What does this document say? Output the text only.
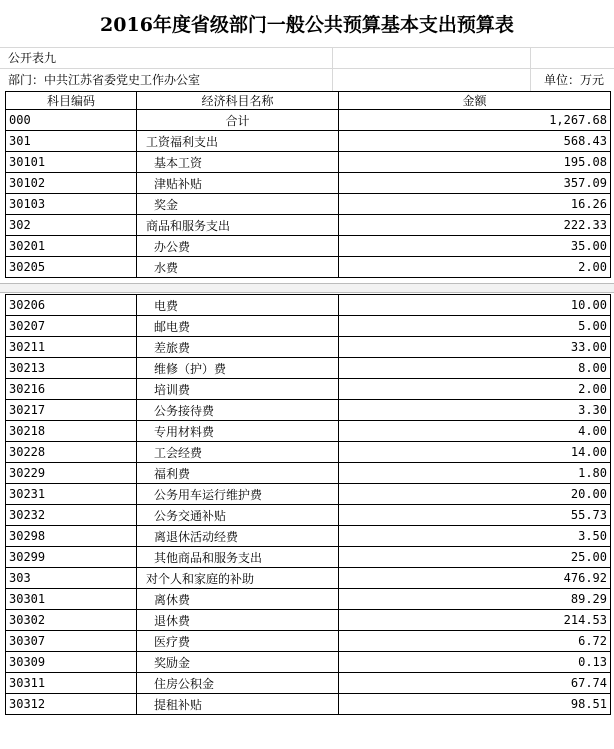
2016年度省级部门一般公共预算基本支出预算表
公开表九
部门：中共江苏省委党史工作办公室	单位：万元
科目编码	经济科目名称	金额
000	合计	1,267.68
301	工资福利支出	568.43
30101	基本工资	195.08
30102	津贴补贴	357.09
30103	奖金	16.26
302	商品和服务支出	222.33
30201	办公费	35.00
30205	水费	2.00
30206	电费	10.00
30207	邮电费	5.00
30211	差旅费	33.00
30213	维修（护）费	8.00
30216	培训费	2.00
30217	公务接待费	3.30
30218	专用材料费	4.00
30228	工会经费	14.00
30229	福利费	1.80
30231	公务用车运行维护费	20.00
30232	公务交通补贴	55.73
30298	离退休活动经费	3.50
30299	其他商品和服务支出	25.00
303	对个人和家庭的补助	476.92
30301	离休费	89.29
30302	退休费	214.53
30307	医疗费	6.72
30309	奖励金	0.13
30311	住房公积金	67.74
30312	提租补贴	98.51
